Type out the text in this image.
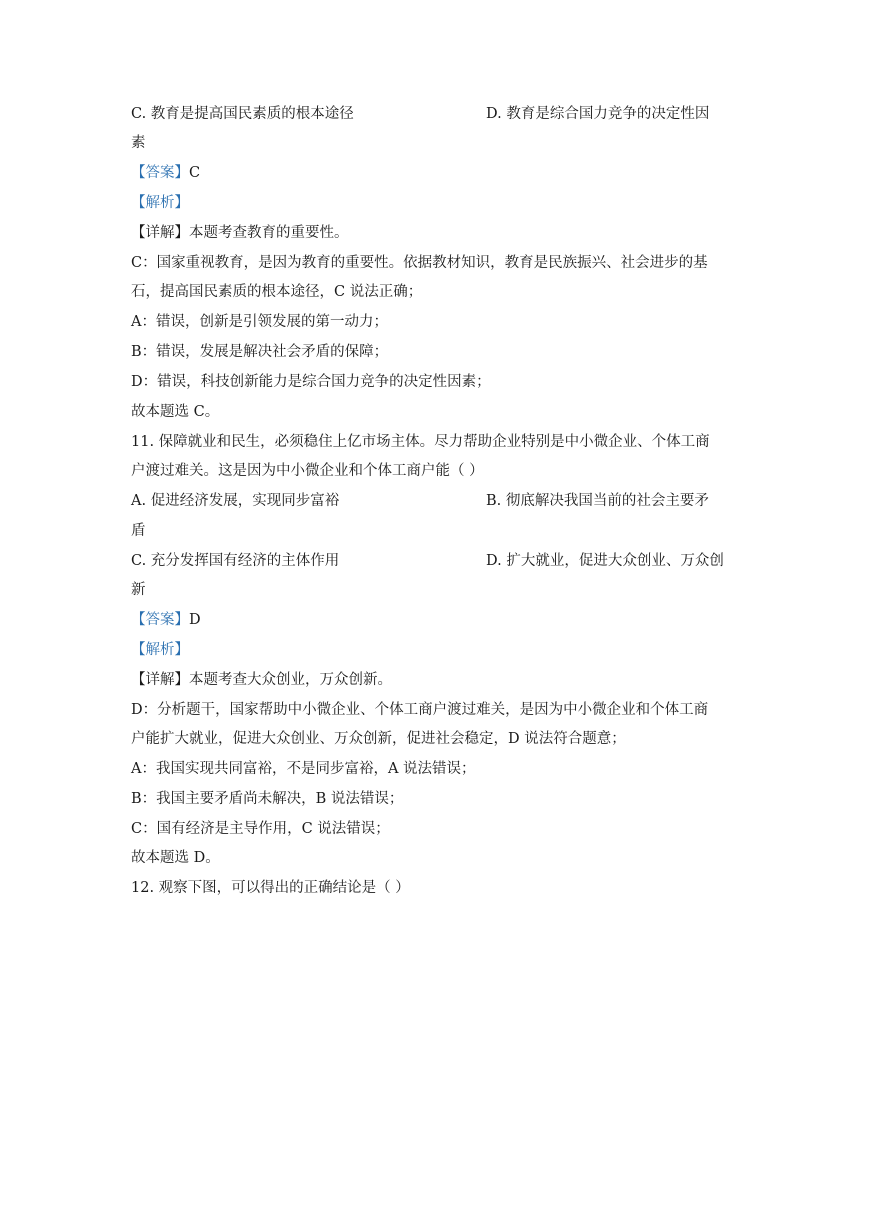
C. 教育是提高国民素质的根本途径	D. 教育是综合国力竞争的决定性因
素
【答案】C
【解析】
【详解】本题考查教育的重要性。
C：国家重视教育，是因为教育的重要性。依据教材知识，教育是民族振兴、社会进步的基
石，提高国民素质的根本途径，C 说法正确；
A：错误，创新是引领发展的第一动力；
B：错误，发展是解决社会矛盾的保障；
D：错误，科技创新能力是综合国力竞争的决定性因素；
故本题选 C。
11. 保障就业和民生，必须稳住上亿市场主体。尽力帮助企业特别是中小微企业、个体工商
户渡过难关。这是因为中小微企业和个体工商户能（ ）
A. 促进经济发展，实现同步富裕	B. 彻底解决我国当前的社会主要矛
盾
C. 充分发挥国有经济的主体作用	D. 扩大就业，促进大众创业、万众创
新
【答案】D
【解析】
【详解】本题考查大众创业，万众创新。
D：分析题干，国家帮助中小微企业、个体工商户渡过难关，是因为中小微企业和个体工商
户能扩大就业，促进大众创业、万众创新，促进社会稳定，D 说法符合题意；
A：我国实现共同富裕，不是同步富裕，A 说法错误；
B：我国主要矛盾尚未解决，B 说法错误；
C：国有经济是主导作用，C 说法错误；
故本题选 D。
12. 观察下图，可以得出的正确结论是（ ）
